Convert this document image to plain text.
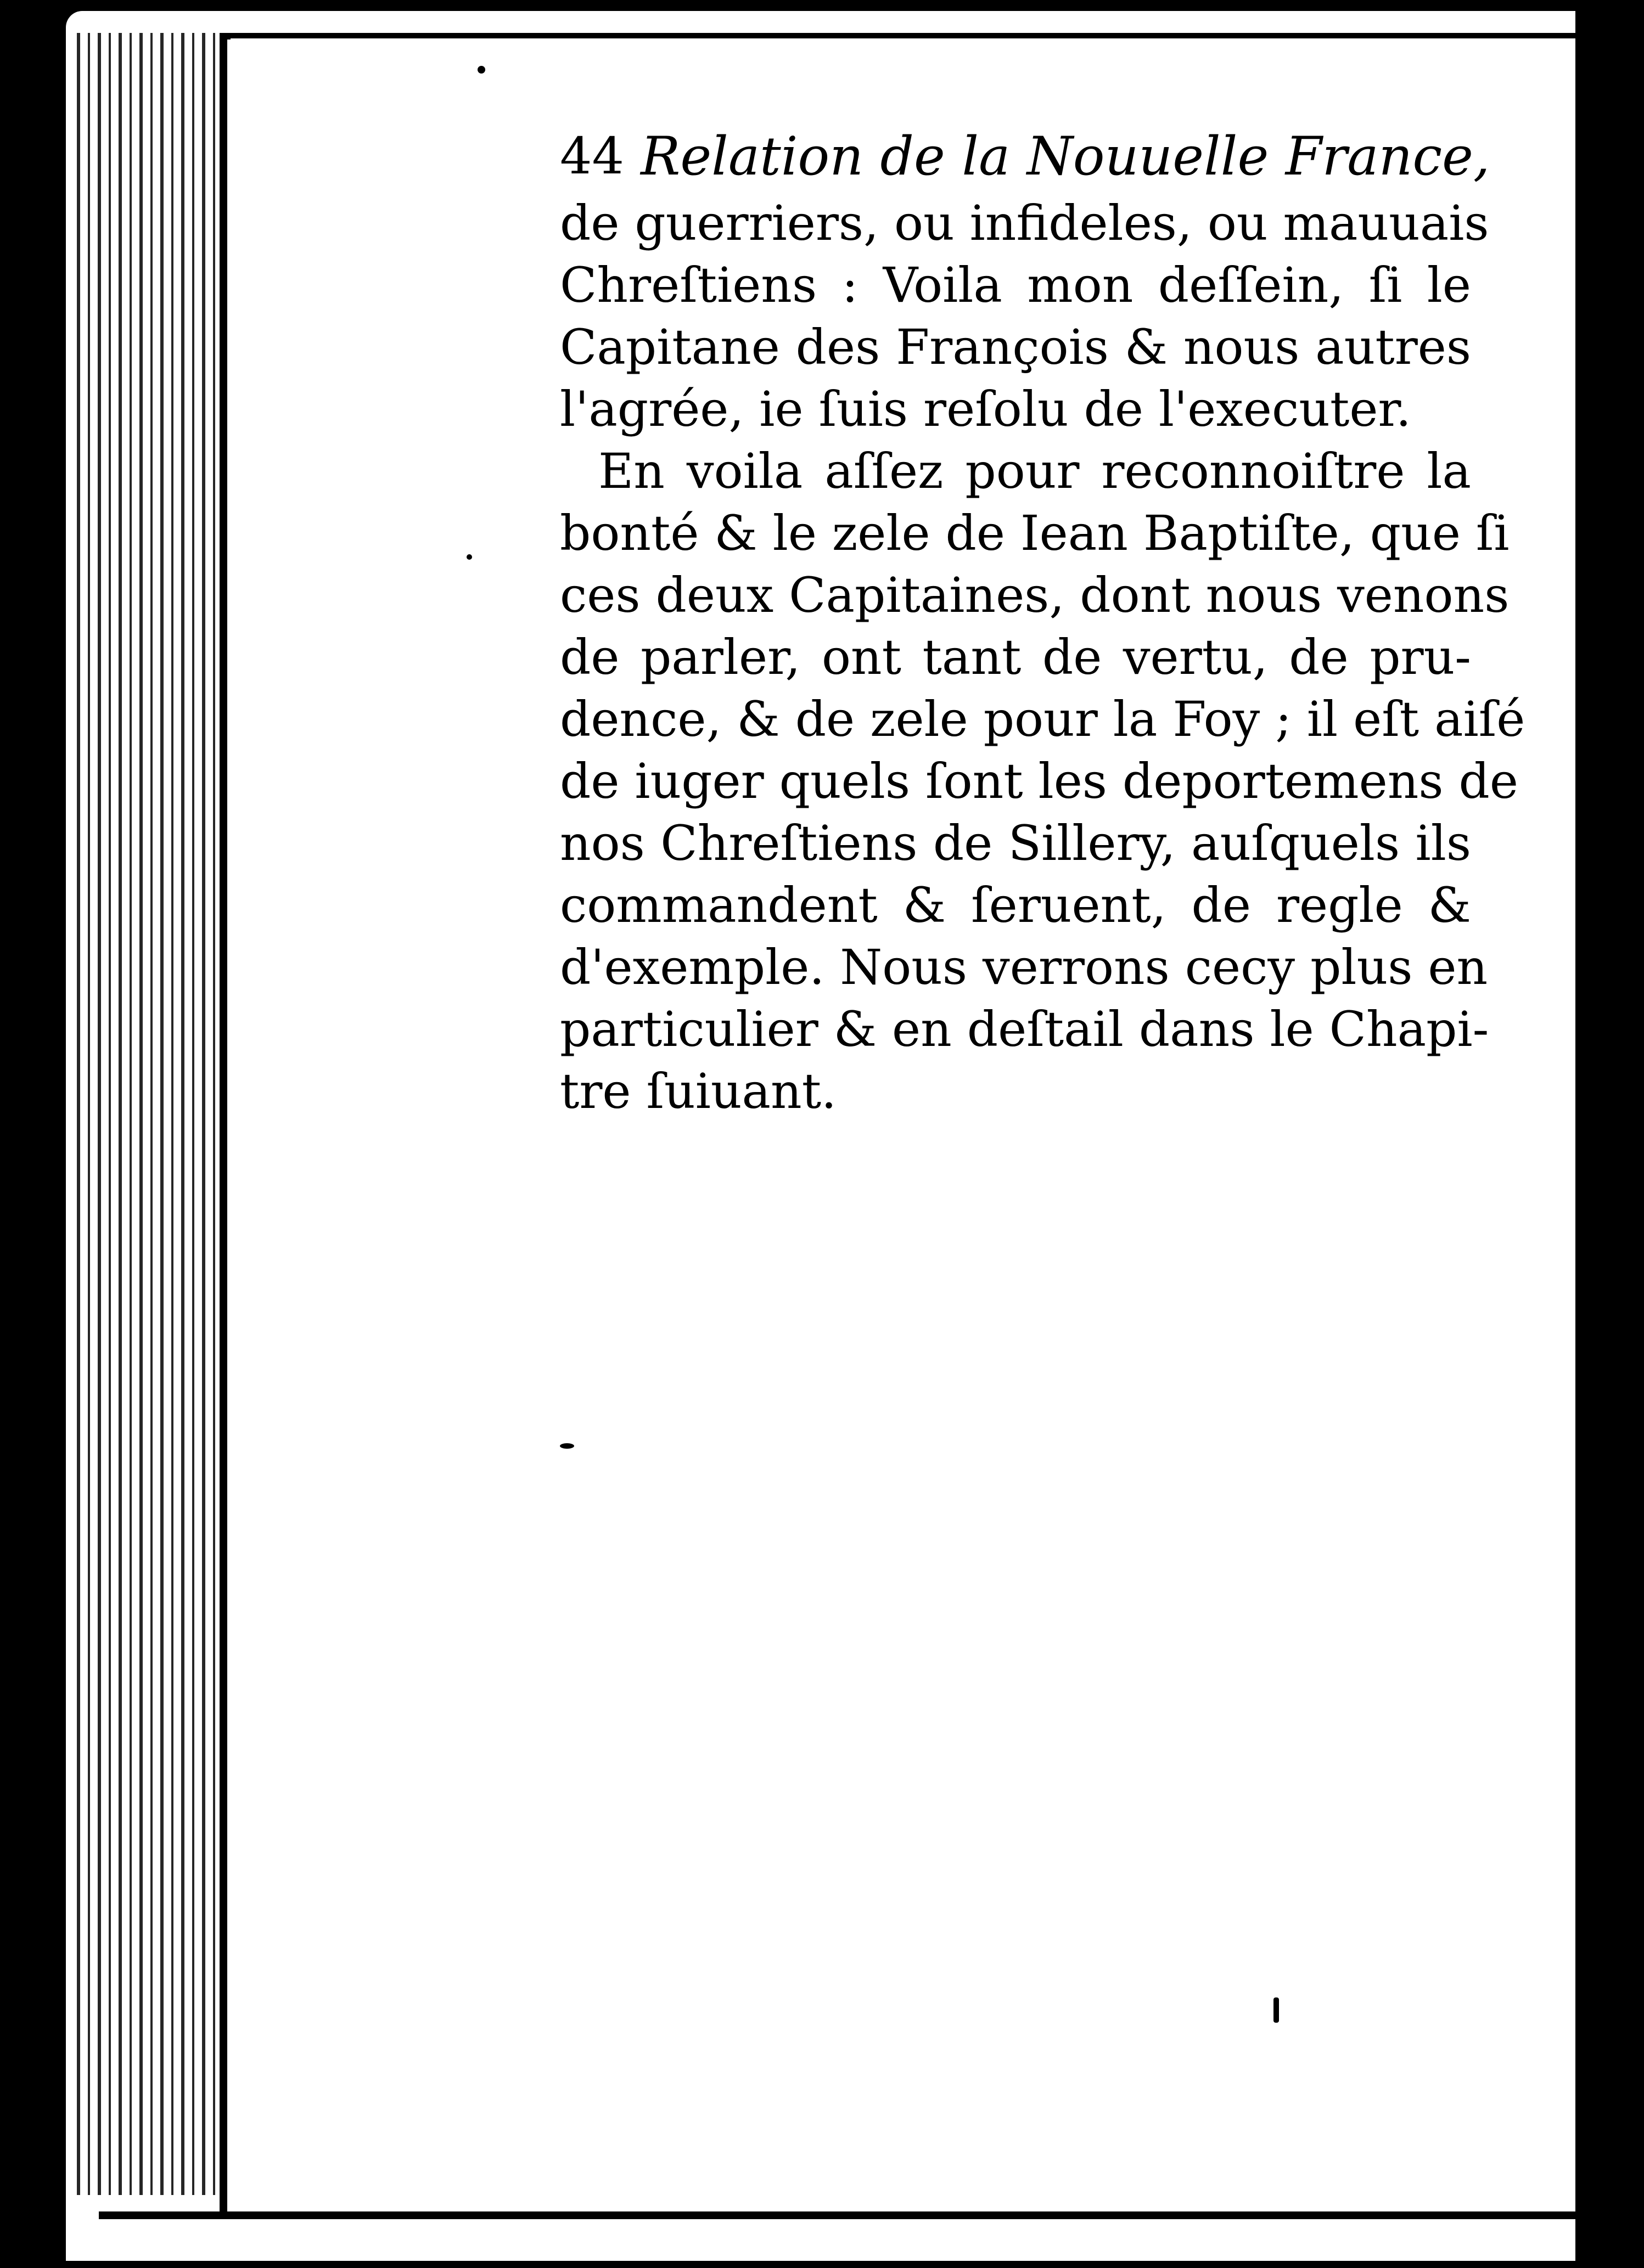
44 Relation de la Nouuelle France,
de guerriers, ou infideles, ou mauuais
Chreſtiens : Voila mon deſſein, ſi le
Capitane des François & nous autres
l'agrée, ie ſuis reſolu de l'executer.
En voila aſſez pour reconnoiſtre la
bonté & le zele de Iean Baptiſte, que ſi
ces deux Capitaines, dont nous venons
de parler, ont tant de vertu, de pru-
dence, & de zele pour la Foy ; il eſt aiſé
de iuger quels ſont les deportemens de
nos Chreſtiens de Sillery, auſquels ils
commandent & ſeruent, de regle &
d'exemple. Nous verrons cecy plus en
particulier & en deſtail dans le Chapi-
tre ſuiuant.
